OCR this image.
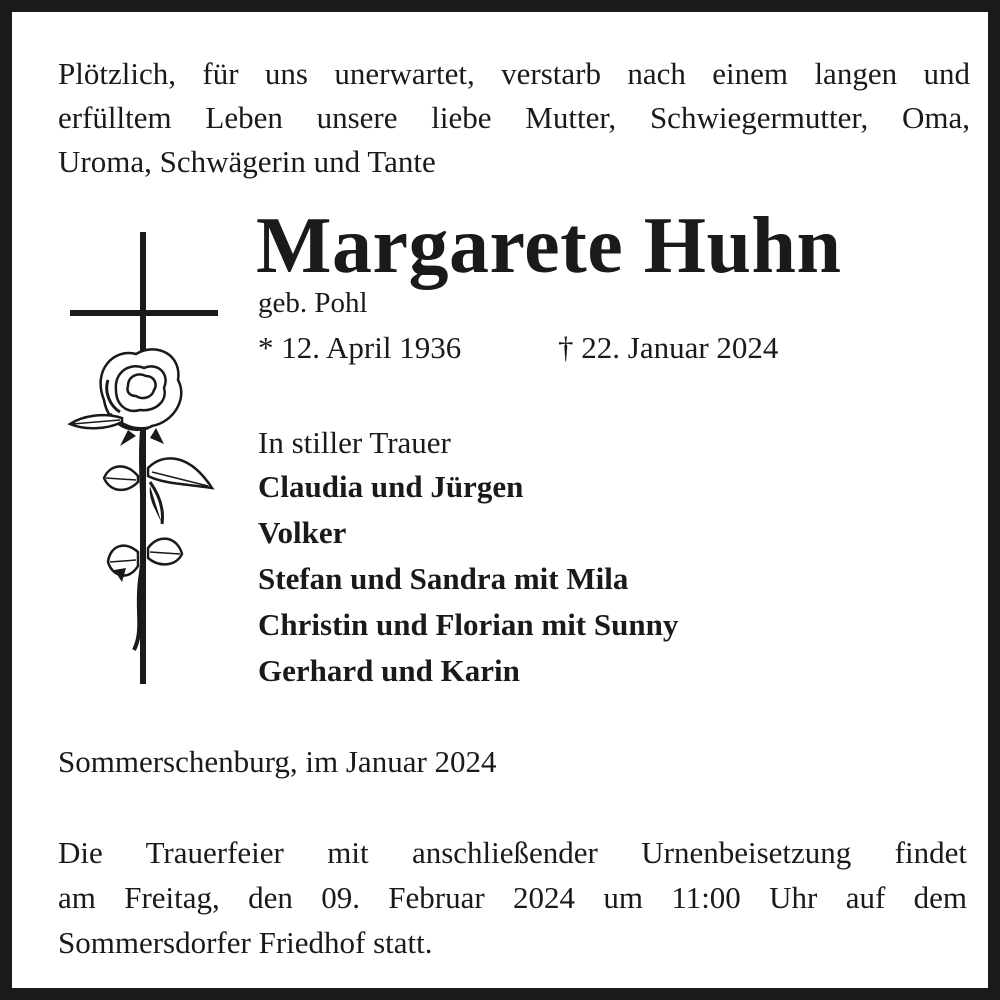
Plötzlich, für uns unerwartet, verstarb nach einem langen und
erfülltem Leben unsere liebe Mutter, Schwiegermutter, Oma,
Uroma, Schwägerin und Tante
Margarete Huhn
geb. Pohl
* 12. April 1936	† 22. Januar 2024
In stiller Trauer
Claudia und Jürgen
Volker
Stefan und Sandra mit Mila
Christin und Florian mit Sunny
Gerhard und Karin
Sommerschenburg, im Januar 2024
Die Trauerfeier mit anschließender Urnenbeisetzung findet
am Freitag, den 09. Februar 2024 um 11:00 Uhr auf dem
Sommersdorfer Friedhof statt.
